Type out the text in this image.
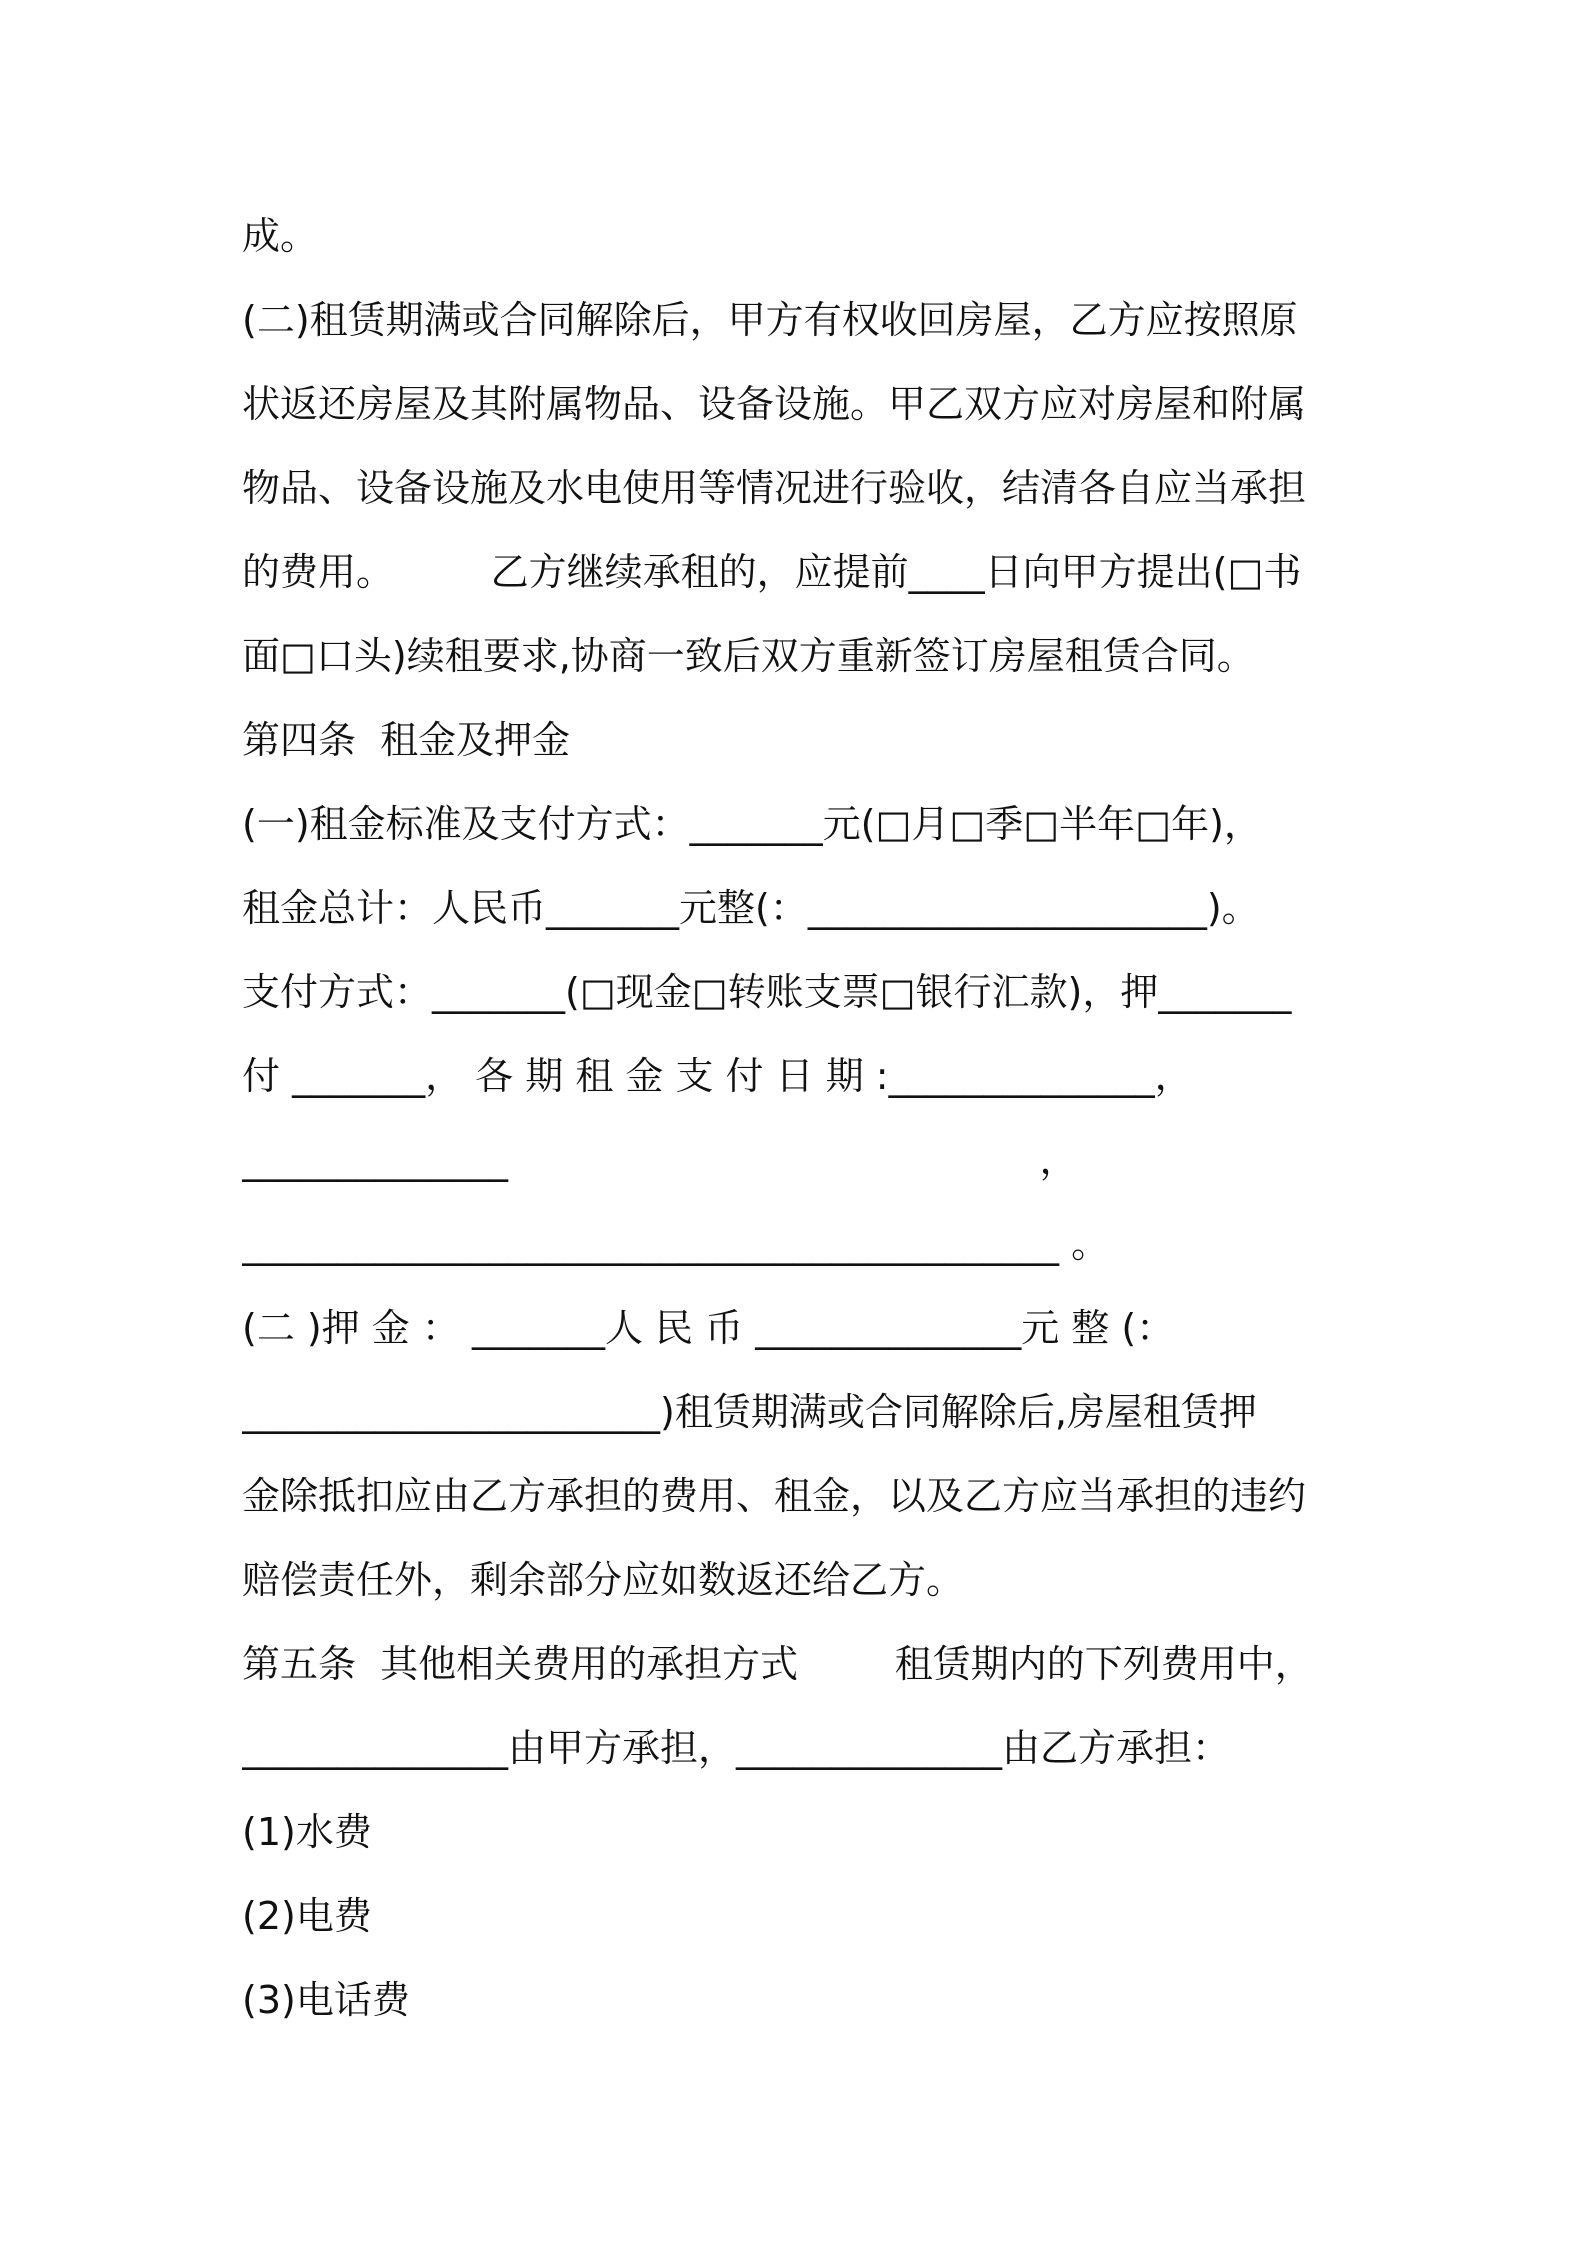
成。
(二)租赁期满或合同解除后，甲方有权收回房屋，乙方应按照原
状返还房屋及其附属物品、设备设施。甲乙双方应对房屋和附属
物品、设备设施及水电使用等情况进行验收，结清各自应当承担
的费用。        乙方继续承租的，应提前____日向甲方提出(□书
面□口头)续租要求,协商一致后双方重新签订房屋租赁合同。
第四条  租金及押金
(一)租金标准及支付方式：_______元(□月□季□半年□年)，
租金总计：人民币_______元整(：_____________________)。
支付方式：_______(□现金□转账支票□银行汇款)，押_______
付 _______， 各 期 租 金 支 付 日 期 :______________，
______________                                            ，
___________________________________________ 。
(二 )押 金 ： _______人 民 币 ______________元 整 (：
______________________)租赁期满或合同解除后,房屋租赁押
金除抵扣应由乙方承担的费用、租金，以及乙方应当承担的违约
赔偿责任外，剩余部分应如数返还给乙方。
第五条  其他相关费用的承担方式        租赁期内的下列费用中，
______________由甲方承担，______________由乙方承担：
(1)水费
(2)电费
(3)电话费
